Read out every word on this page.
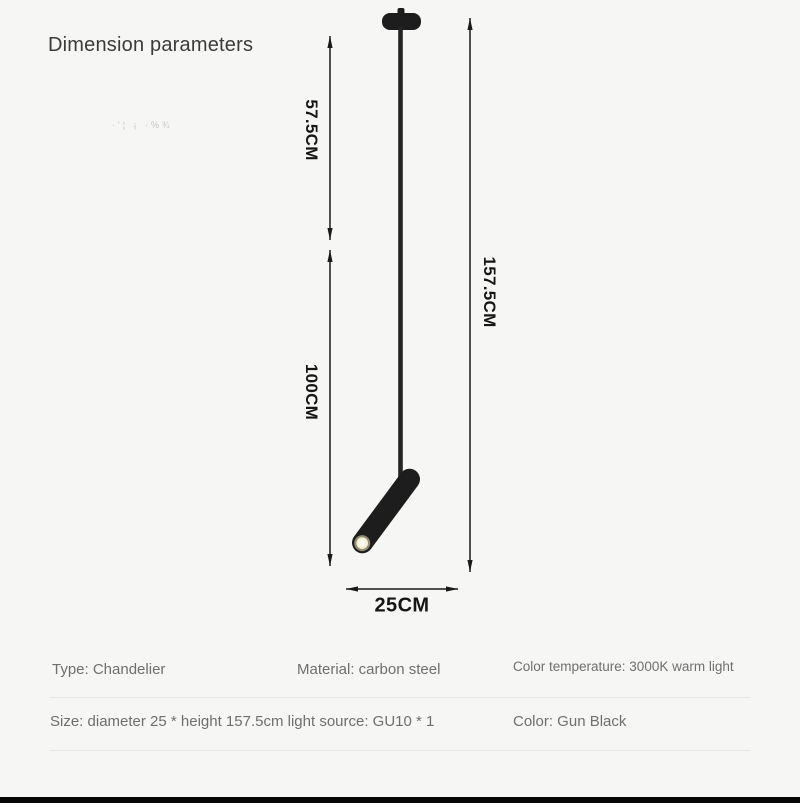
Dimension parameters
·'¦ ¡ ·%¾	57.5CM
100CM
157.5CM
25CM
Type: Chandelier	Material: carbon steel	Color temperature: 3000K warm light
Size: diameter 25 * height 157.5cm light source: GU10 * 1	Color: Gun Black
